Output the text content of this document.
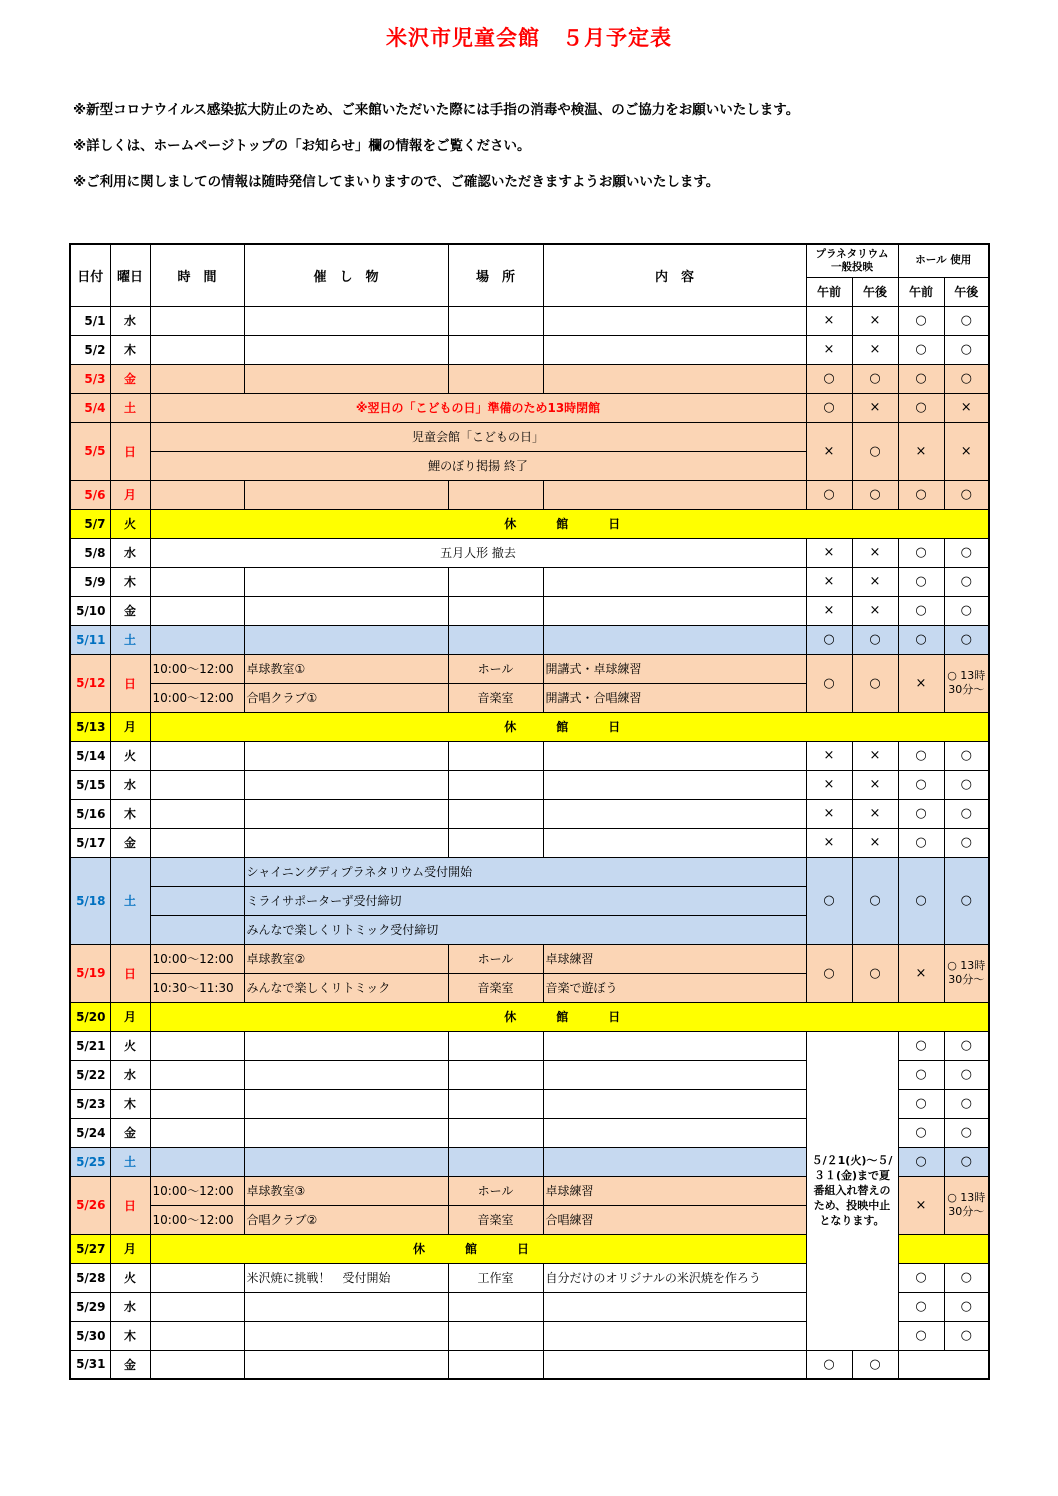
米沢市児童会館　５月予定表
※新型コロナウイルス感染拡大防止のため、ご来館いただいた際には手指の消毒や検温、のご協力をお願いいたします。
※詳しくは、ホームページトップの「お知らせ」欄の情報をご覧ください。
※ご利用に関しましての情報は随時発信してまいりますので、ご確認いただきますようお願いいたします。
日付	曜日	時　間	催　し　物	場　所	内　容	プラネタリウム 一般投映		ホール 使用	
						午前	午後	午前	午後
5/1	水					×	×	○	○
5/2	木					×	×	○	○
5/3	金					○	○	○	○
5/4	土	※翌日の「こどもの日」準備のため13時閉館				○	×	○	×
5/5	日	児童会館「こどもの日」				×	○	×	×
		鯉のぼり掲揚 終了							
5/6	月					○	○	○	○
5/7	火	休　館　日							
5/8	水	五月人形 撤去				×	×	○	○
5/9	木					×	×	○	○
5/10	金					×	×	○	○
5/11	土					○	○	○	○
5/12	日	10:00～12:00	卓球教室①	ホール	開講式・卓球練習	○	○	×	○ 13時30分～
		10:00～12:00	合唱クラブ①	音楽室	開講式・合唱練習				
5/13	月	休　館　日							
5/14	火					×	×	○	○
5/15	水					×	×	○	○
5/16	木					×	×	○	○
5/17	金					×	×	○	○
5/18	土		シャイニングディプラネタリウム受付開始			○	○	○	○
			ミライサポーターず受付締切						
			みんなで楽しくリトミック受付締切						
5/19	日	10:00～12:00	卓球教室②	ホール	卓球練習	○	○	×	○ 13時30分～
		10:30～11:30	みんなで楽しくリトミック	音楽室	音楽で遊ぼう				
5/20	月	休　館　日							
5/21	火					５/２1(火)～５/３１(金)まで夏番組入れ替えのため、投映中止となります。		○	○
5/22	水							○	○
5/23	木							○	○
5/24	金							○	○
5/25	土							○	○
5/26	日	10:00～12:00	卓球教室③	ホール	卓球練習			×	○ 13時30分～
		10:00～12:00	合唱クラブ②	音楽室	合唱練習				
5/27	月	休　館　日							
5/28	火		米沢焼に挑戦！　受付開始	工作室	自分だけのオリジナルの米沢焼を作ろう			○	○
5/29	水							○	○
5/30	木							○	○
5/31	金					○	○		
